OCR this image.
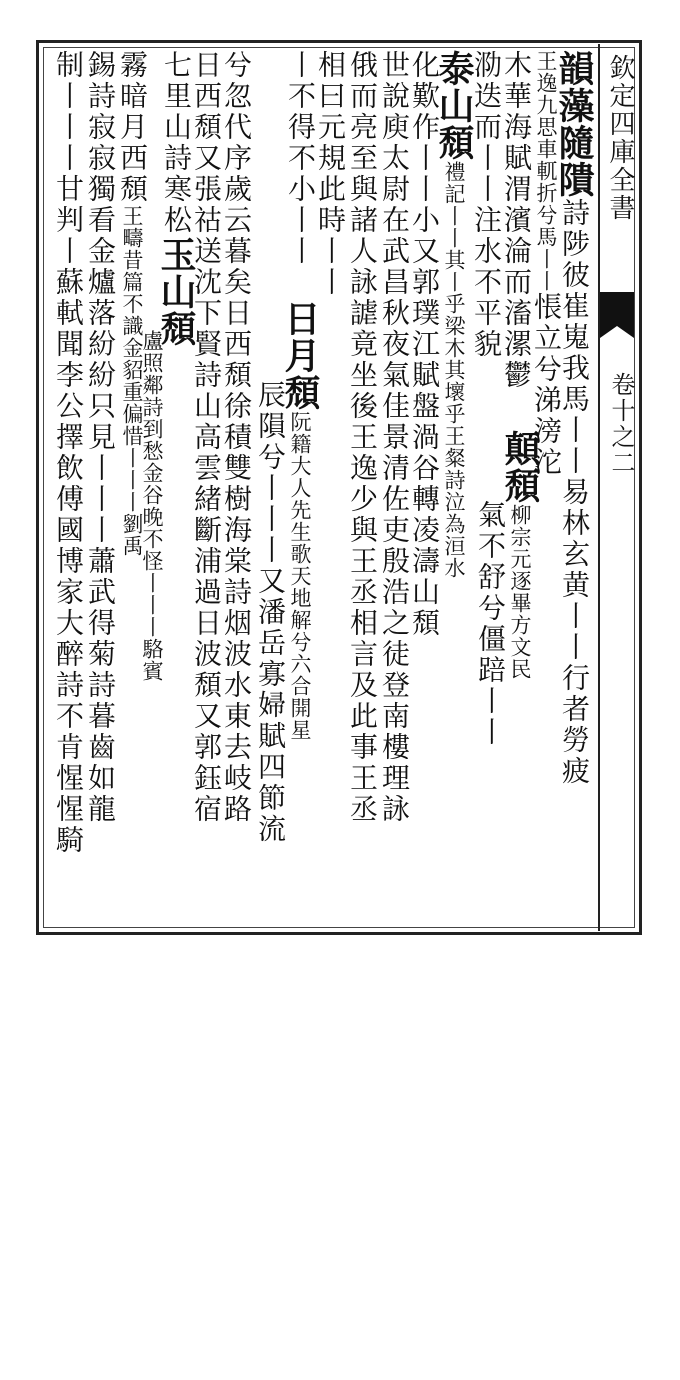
欽定四庫全書
卷十之二
韻藻隨隤詩陟彼崔嵬我馬丨丨易林玄黄丨丨行者勞疲
王逸九思車軏折兮馬丨丨悵立兮涕滂沱
木華海賦渭濱淪而滀漯鬱
泐迭而丨丨注水不平貌
顛頹柳宗元逐畢方文民
氣不舒兮僵踣丨丨
泰山頹禮記丨丨其丨乎梁木其壞乎王粲詩泣為洹水
化歎作丨丨小又郭璞江賦盤渦谷轉凌濤山頹
世說庾太尉在武昌秋夜氣佳景清佐吏殷浩之徒登南樓理詠
俄而亮至與諸人詠謔竟坐後王逸少與王丞相言及此事王丞
相曰元規此時丨丨
日月頹阮籍大人先生歌天地解兮六合開星
丨不得不小丨丨
辰隕兮丨丨丨又潘岳寡婦賦四節流
兮忽代序歲云暮矣日西頹徐積雙樹海棠詩烟波水東去岐路
日西頹又張祜送沈下賢詩山高雲緒斷浦過日波頹又郭鈺宿
七里山詩寒松玉山頹
盧照鄰詩到愁金谷晚不怪丨丨丨駱賓
霧暗月西頹王疇昔篇不識金貂重偏惜丨丨丨劉禹
錫詩寂寂獨看金爐落紛紛只見丨丨丨蕭武得菊詩暮齒如龍
制丨丨丨甘判丨蘇軾聞李公擇飲傅國博家大醉詩不肯惺惺騎
